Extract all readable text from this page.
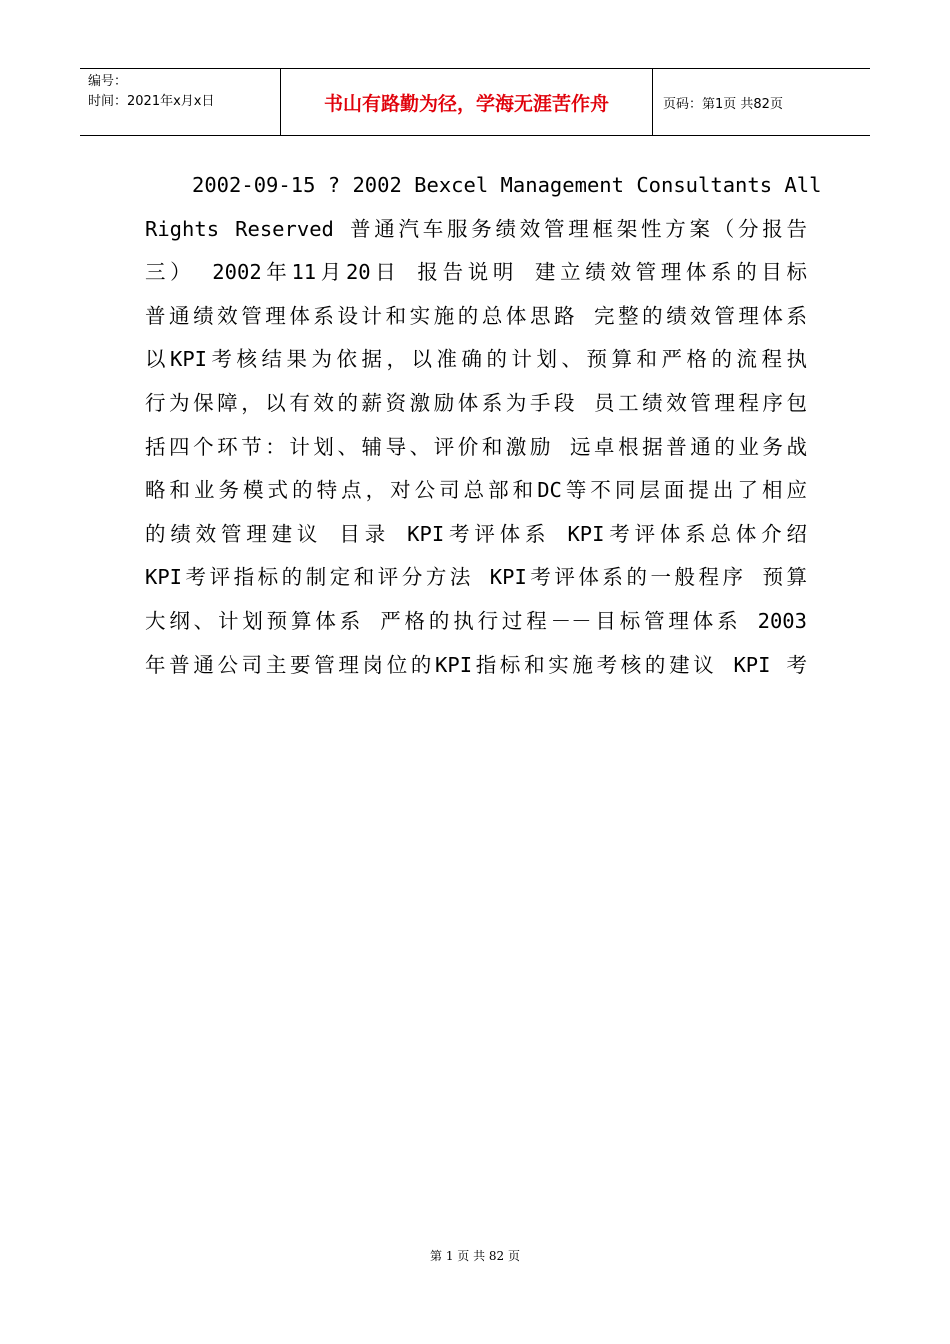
编号：
时间：2021年x月x日	书山有路勤为径，学海无涯苦作舟	页码：第1页 共82页
2002-09-15 ? 2002 Bexcel Management Consultants All
Rights Reserved 普通汽车服务绩效管理框架性方案（分报告
三） 2002年11月20日 报告说明 建立绩效管理体系的目标
普通绩效管理体系设计和实施的总体思路 完整的绩效管理体系
以KPI考核结果为依据，以准确的计划、预算和严格的流程执
行为保障，以有效的薪资激励体系为手段 员工绩效管理程序包
括四个环节：计划、辅导、评价和激励 远卓根据普通的业务战
略和业务模式的特点，对公司总部和DC等不同层面提出了相应
的绩效管理建议 目录 KPI考评体系 KPI考评体系总体介绍
KPI考评指标的制定和评分方法 KPI考评体系的一般程序 预算
大纲、计划预算体系 严格的执行过程－－目标管理体系 2003
年普通公司主要管理岗位的KPI指标和实施考核的建议 KPI 考
第 1 页 共 82 页
